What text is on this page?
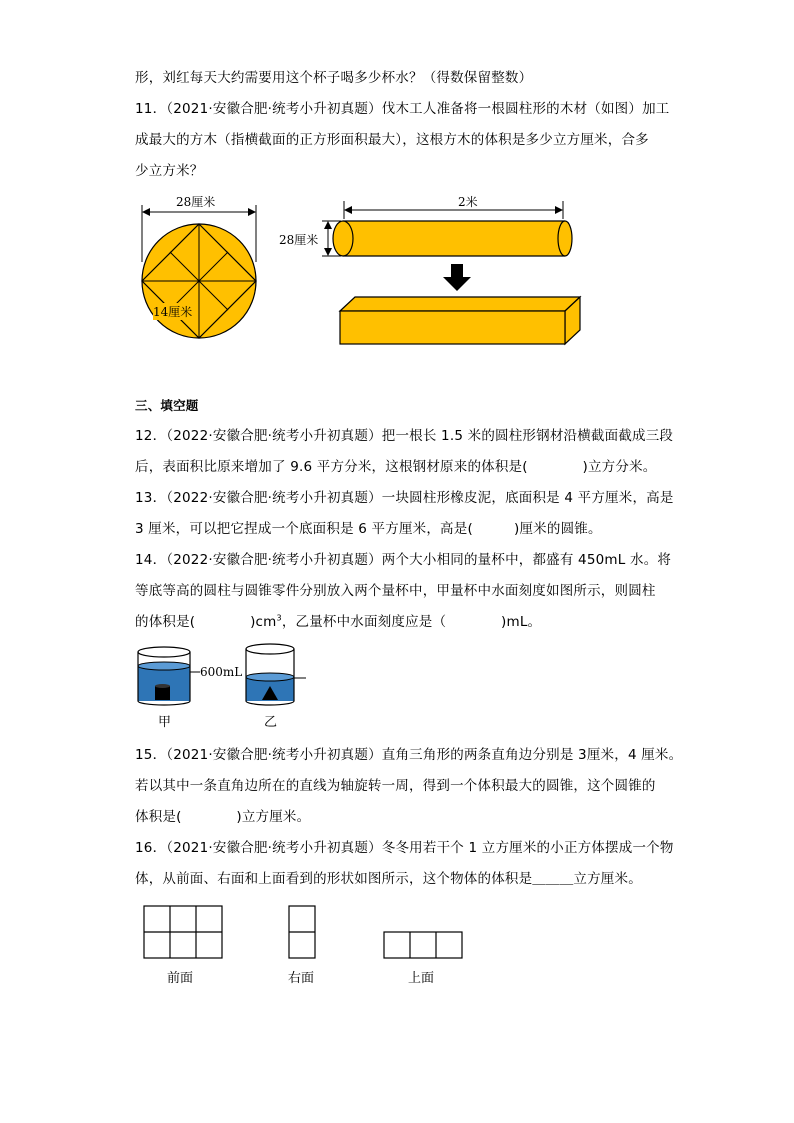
形，刘红每天大约需要用这个杯子喝多少杯水？（得数保留整数）
11．（2021·安徽合肥·统考小升初真题）伐木工人准备将一根圆柱形的木材（如图）加工
成最大的方木（指横截面的正方形面积最大），这根方木的体积是多少立方厘米，合多
少立方米？
28厘米	2米
28厘米
14厘米
三、填空题
12．（2022·安徽合肥·统考小升初真题）把一根长 1.5 米的圆柱形钢材沿横截面截成三段
后，表面积比原来增加了 9.6 平方分米，这根钢材原来的体积是(　　　　)立方分米。
13．（2022·安徽合肥·统考小升初真题）一块圆柱形橡皮泥，底面积是 4 平方厘米，高是
3 厘米，可以把它捏成一个底面积是 6 平方厘米，高是(　　　)厘米的圆锥。
14．（2022·安徽合肥·统考小升初真题）两个大小相同的量杯中，都盛有 450mL 水。将
等底等高的圆柱与圆锥零件分别放入两个量杯中，甲量杯中水面刻度如图所示，则圆柱
的体积是(　　　　)$cm^3$，乙量杯中水面刻度应是（　　　　)mL。
600mL
甲	乙
15．（2021·安徽合肥·统考小升初真题）直角三角形的两条直角边分别是 3厘米，4 厘米。
若以其中一条直角边所在的直线为轴旋转一周，得到一个体积最大的圆锥，这个圆锥的
体积是(　　　　)立方厘米。
16．（2021·安徽合肥·统考小升初真题）冬冬用若干个 1 立方厘米的小正方体摆成一个物
体，从前面、右面和上面看到的形状如图所示，这个物体的体积是＿＿＿立方厘米。
前面	右面	上面
